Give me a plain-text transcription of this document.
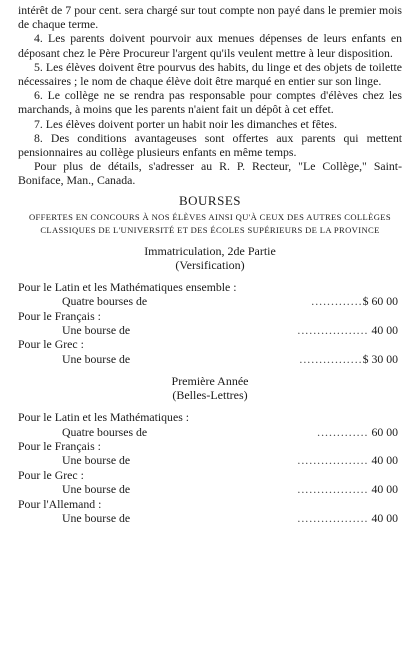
intérêt de 7 pour cent. sera chargé sur tout compte non payé dans le premier mois de chaque terme.

4. Les parents doivent pourvoir aux menues dépenses de leurs enfants en déposant chez le Père Procureur l'argent qu'ils veulent mettre à leur disposition.

5. Les élèves doivent être pourvus des habits, du linge et des objets de toilette nécessaires ; le nom de chaque élève doit être marqué en entier sur son linge.

6. Le collège ne se rendra pas responsable pour comptes d'élèves chez les marchands, à moins que les parents n'aient fait un dépôt à cet effet.

7. Les élèves doivent porter un habit noir les dimanches et fêtes.

8. Des conditions avantageuses sont offertes aux parents qui mettent pensionnaires au collège plusieurs enfants en même temps.

Pour plus de détails, s'adresser au R. P. Recteur, "Le Collège," Saint-Boniface, Man., Canada.

BOURSES

OFFERTES EN CONCOURS À NOS ÉLÈVES AINSI QU'À CEUX DES AUTRES COLLÈGES CLASSIQUES DE L'UNIVERSITÉ ET DES ÉCOLES SUPÉRIEURS DE LA PROVINCE

Immatriculation, 2de Partie

(Versification)

Pour le Latin et les Mathématiques ensemble :
Quatre bourses de	.............$ 60 00
Pour le Français :
Une bourse de	.................. 40 00
Pour le Grec :
Une bourse de	................$ 30 00

Première Année

(Belles-Lettres)

Pour le Latin et les Mathématiques :
Quatre bourses de	............. 60 00
Pour le Français :
Une bourse de	.................. 40 00
Pour le Grec :
Une bourse de	.................. 40 00
Pour l'Allemand :
Une bourse de	.................. 40 00
